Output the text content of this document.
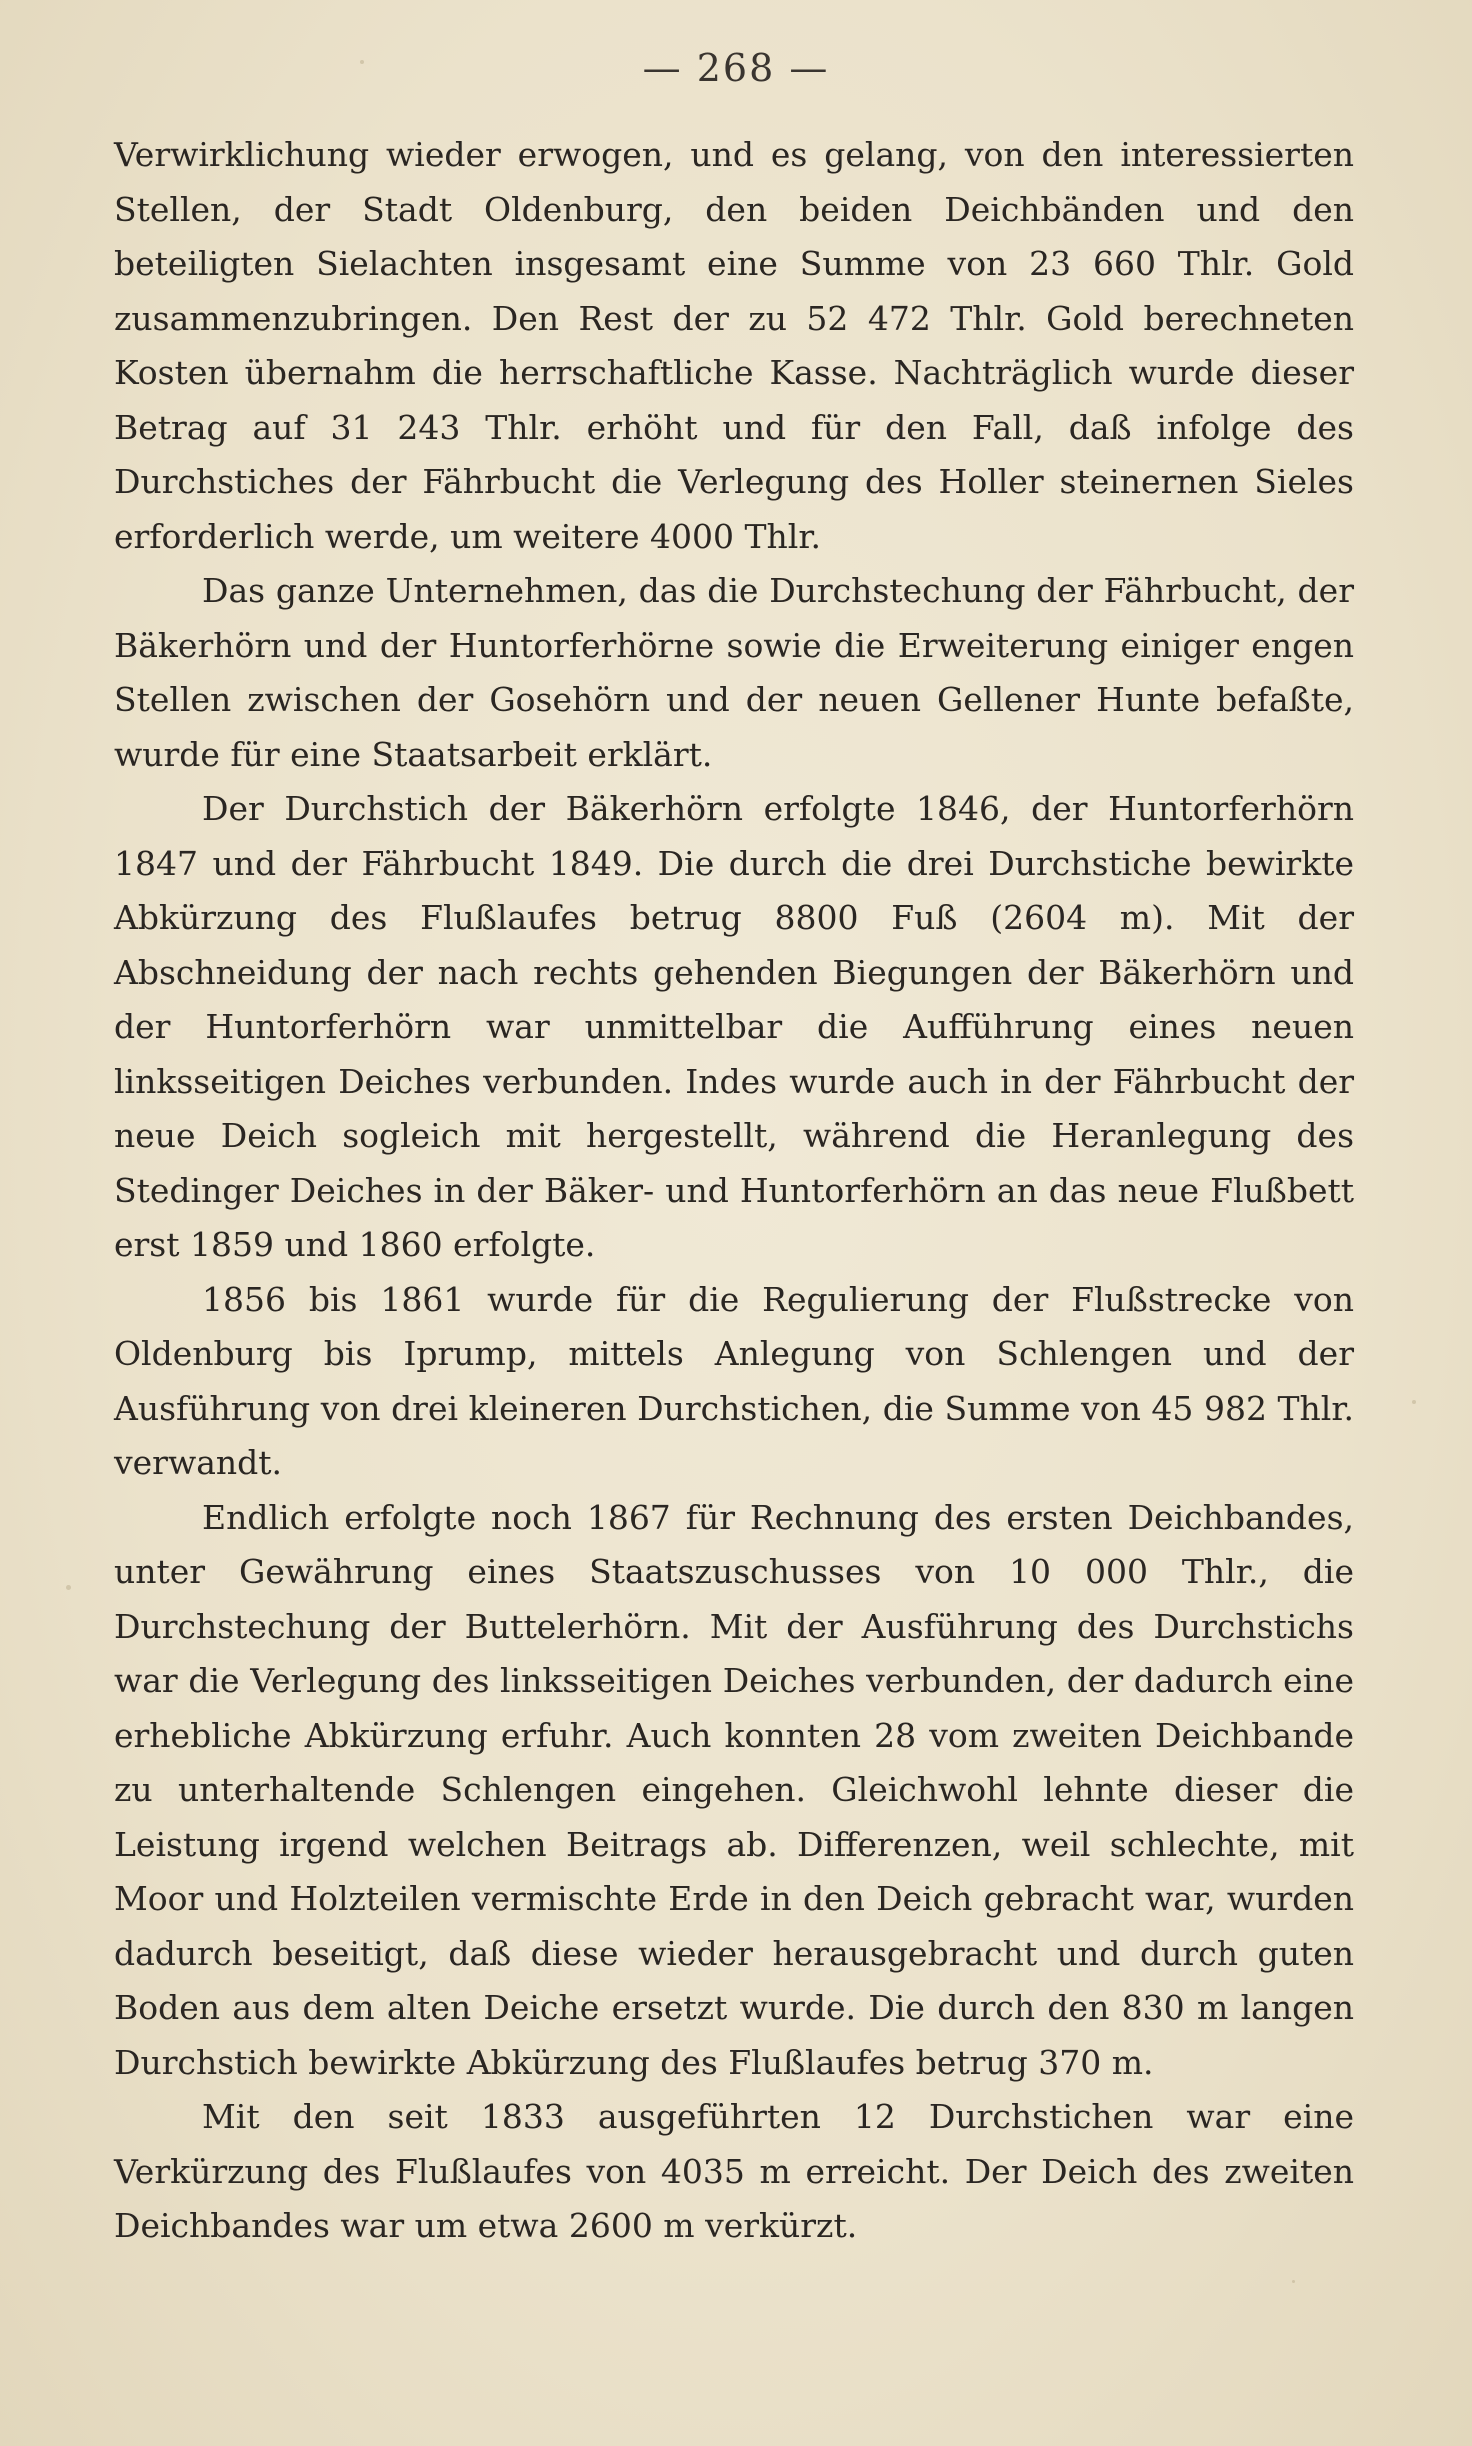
— 268 —

Verwirklichung wieder erwogen, und es gelang, von den interessierten Stellen, der Stadt Oldenburg, den beiden Deichbänden und den beteiligten Sielachten insgesamt eine Summe von 23 660 Thlr. Gold zusammenzubringen. Den Rest der zu 52 472 Thlr. Gold berechneten Kosten übernahm die herrschaftliche Kasse. Nachträglich wurde dieser Betrag auf 31 243 Thlr. erhöht und für den Fall, daß infolge des Durchstiches der Fährbucht die Verlegung des Holler steinernen Sieles erforderlich werde, um weitere 4000 Thlr.

Das ganze Unternehmen, das die Durchstechung der Fährbucht, der Bäkerhörn und der Huntorferhörne sowie die Erweiterung einiger engen Stellen zwischen der Gosehörn und der neuen Gellener Hunte befaßte, wurde für eine Staatsarbeit erklärt.

Der Durchstich der Bäkerhörn erfolgte 1846, der Huntorferhörn 1847 und der Fährbucht 1849. Die durch die drei Durchstiche bewirkte Abkürzung des Flußlaufes betrug 8800 Fuß (2604 m). Mit der Abschneidung der nach rechts gehenden Biegungen der Bäkerhörn und der Huntorferhörn war unmittelbar die Aufführung eines neuen linksseitigen Deiches verbunden. Indes wurde auch in der Fährbucht der neue Deich sogleich mit hergestellt, während die Heranlegung des Stedinger Deiches in der Bäker- und Huntorferhörn an das neue Flußbett erst 1859 und 1860 erfolgte.

1856 bis 1861 wurde für die Regulierung der Flußstrecke von Oldenburg bis Iprump, mittels Anlegung von Schlengen und der Ausführung von drei kleineren Durchstichen, die Summe von 45 982 Thlr. verwandt.

Endlich erfolgte noch 1867 für Rechnung des ersten Deichbandes, unter Gewährung eines Staatszuschusses von 10 000 Thlr., die Durchstechung der Buttelerhörn. Mit der Ausführung des Durchstichs war die Verlegung des linksseitigen Deiches verbunden, der dadurch eine erhebliche Abkürzung erfuhr. Auch konnten 28 vom zweiten Deichbande zu unterhaltende Schlengen eingehen. Gleichwohl lehnte dieser die Leistung irgend welchen Beitrags ab. Differenzen, weil schlechte, mit Moor und Holzteilen vermischte Erde in den Deich gebracht war, wurden dadurch beseitigt, daß diese wieder herausgebracht und durch guten Boden aus dem alten Deiche ersetzt wurde. Die durch den 830 m langen Durchstich bewirkte Abkürzung des Flußlaufes betrug 370 m.

Mit den seit 1833 ausgeführten 12 Durchstichen war eine Verkürzung des Flußlaufes von 4035 m erreicht. Der Deich des zweiten Deichbandes war um etwa 2600 m verkürzt.
